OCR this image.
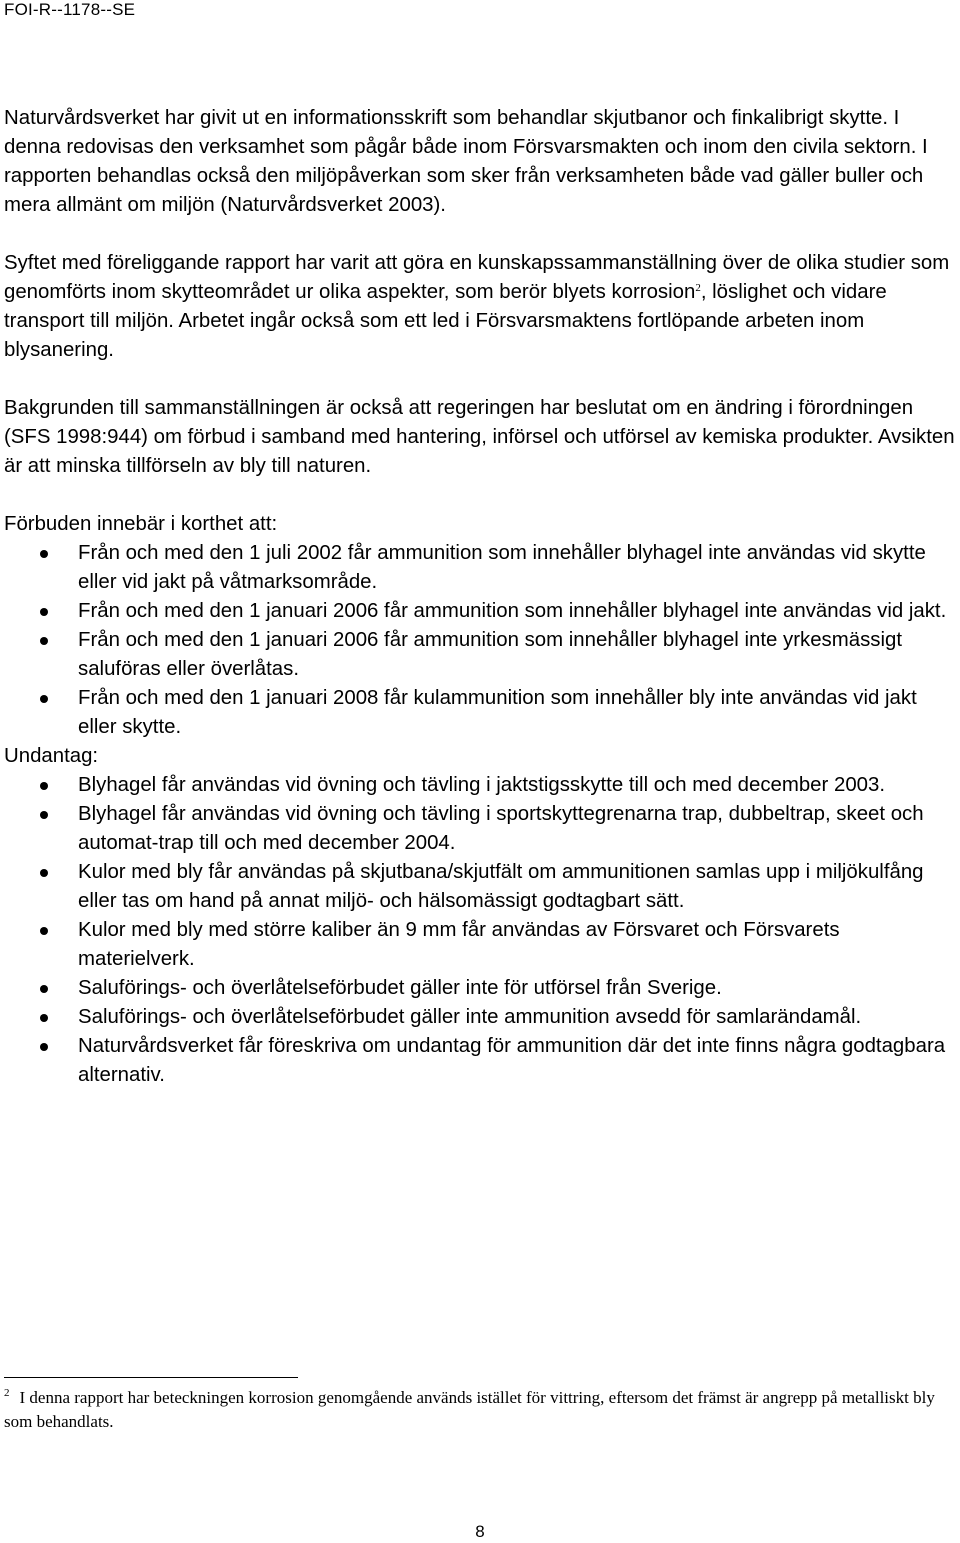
FOI-R--1178--SE

Naturvårdsverket har givit ut en informationsskrift som behandlar skjutbanor och finkalibrigt skytte. I denna redovisas den verksamhet som pågår både inom Försvarsmakten och inom den civila sektorn. I rapporten behandlas också den miljöpåverkan som sker från verksamheten både vad gäller buller och mera allmänt om miljön (Naturvårdsverket 2003).

Syftet med föreliggande rapport har varit att göra en kunskapssammanställning över de olika studier som genomförts inom skytteområdet ur olika aspekter, som berör blyets korrosion$^2$, löslighet och vidare transport till miljön. Arbetet ingår också som ett led i Försvarsmaktens fortlöpande arbeten inom blysanering.

Bakgrunden till sammanställningen är också att regeringen har beslutat om en ändring i förordningen (SFS 1998:944) om förbud i samband med hantering, införsel och utförsel av kemiska produkter. Avsikten är att minska tillförseln av bly till naturen.

Förbuden innebär i korthet att:

Från och med den 1 juli 2002 får ammunition som innehåller blyhagel inte användas vid skytte eller vid jakt på våtmarksområde.
Från och med den 1 januari 2006 får ammunition som innehåller blyhagel inte användas vid jakt.
Från och med den 1 januari 2006 får ammunition som innehåller blyhagel inte yrkesmässigt saluföras eller överlåtas.
Från och med den 1 januari 2008 får kulammunition som innehåller bly inte användas vid jakt eller skytte.

Undantag:

Blyhagel får användas vid övning och tävling i jaktstigsskytte till och med december 2003.
Blyhagel får användas vid övning och tävling i sportskyttegrenarna trap, dubbeltrap, skeet och automat-trap till och med december 2004.
Kulor med bly får användas på skjutbana/skjutfält om ammunitionen samlas upp i miljökulfång eller tas om hand på annat miljö- och hälsomässigt godtagbart sätt.
Kulor med bly med större kaliber än 9 mm får användas av Försvaret och Försvarets materielverk.
Saluförings- och överlåtelseförbudet gäller inte för utförsel från Sverige.
Saluförings- och överlåtelseförbudet gäller inte ammunition avsedd för samlarändamål.
Naturvårdsverket får föreskriva om undantag för ammunition där det inte finns några godtagbara alternativ.
$^2$ I denna rapport har beteckningen korrosion genomgående används istället för vittring, eftersom det främst är angrepp på metalliskt bly som behandlats.
8
